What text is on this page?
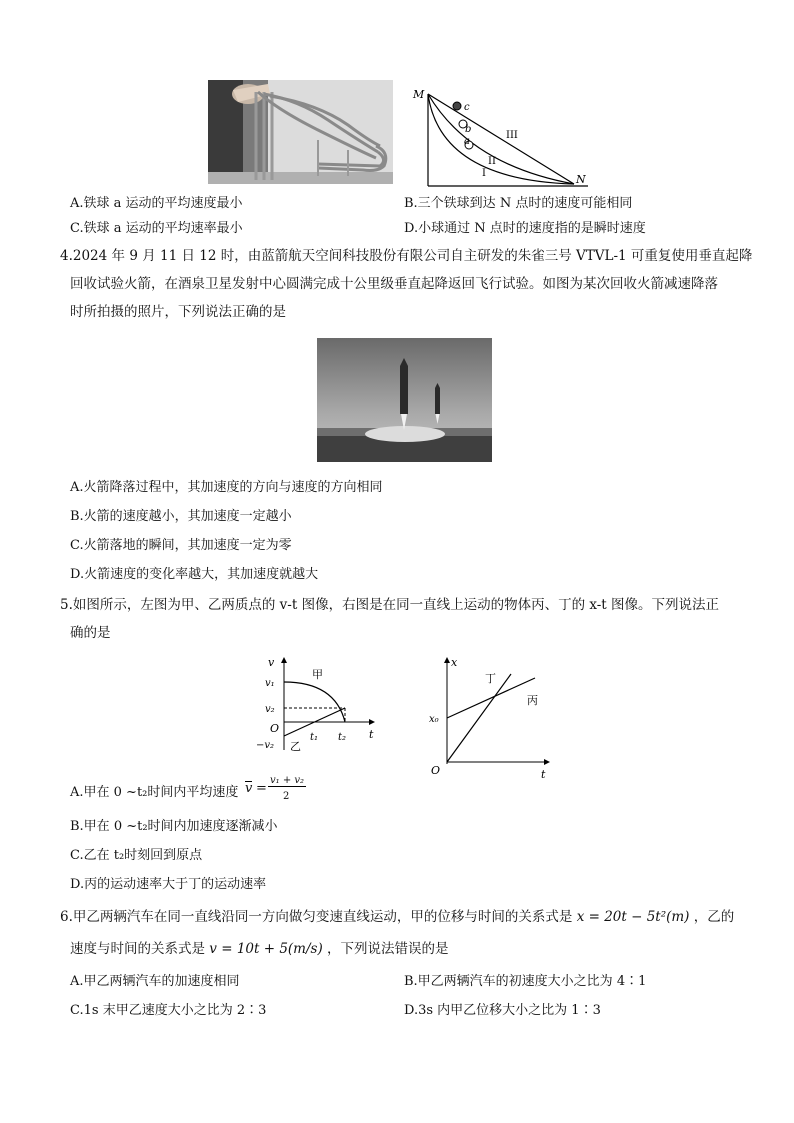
M
N
c
b
a
I
II
III
A.铁球 a 运动的平均速度最小	B.三个铁球到达 N 点时的速度可能相同
C.铁球 a 运动的平均速率最小	D.小球通过 N 点时的速度指的是瞬时速度
4.2024 年 9 月 11 日 12 时，由蓝箭航天空间科技股份有限公司自主研发的朱雀三号 VTVL-1 可重复使用垂直起降
回收试验火箭，在酒泉卫星发射中心圆满完成十公里级垂直起降返回飞行试验。如图为某次回收火箭减速降落
时所拍摄的照片，下列说法正确的是
A.火箭降落过程中，其加速度的方向与速度的方向相同
B.火箭的速度越小，其加速度一定越小
C.火箭落地的瞬间，其加速度一定为零
D.火箭速度的变化率越大，其加速度就越大
5.如图所示，左图为甲、乙两质点的 v-t 图像，右图是在同一直线上运动的物体丙、丁的 x-t 图像。下列说法正
确的是
v
t
O
v₁
v₂
−v₂
t₁ t₂
甲
乙
x
t
O
x₀
丁
丙
A.甲在 0 ~t₂时间内平均速度 v =
v₁ + v₂
2
B.甲在 0 ~t₂时间内加速度逐渐减小
C.乙在 t₂时刻回到原点
D.丙的运动速率大于丁的运动速率
6.甲乙两辆汽车在同一直线沿同一方向做匀变速直线运动，甲的位移与时间的关系式是 x = 20t − 5t²(m) ，乙的
速度与时间的关系式是 v = 10t + 5(m/s) ，下列说法错误的是
A.甲乙两辆汽车的加速度相同	B.甲乙两辆汽车的初速度大小之比为 4∶1
C.1s 末甲乙速度大小之比为 2∶3	D.3s 内甲乙位移大小之比为 1∶3
